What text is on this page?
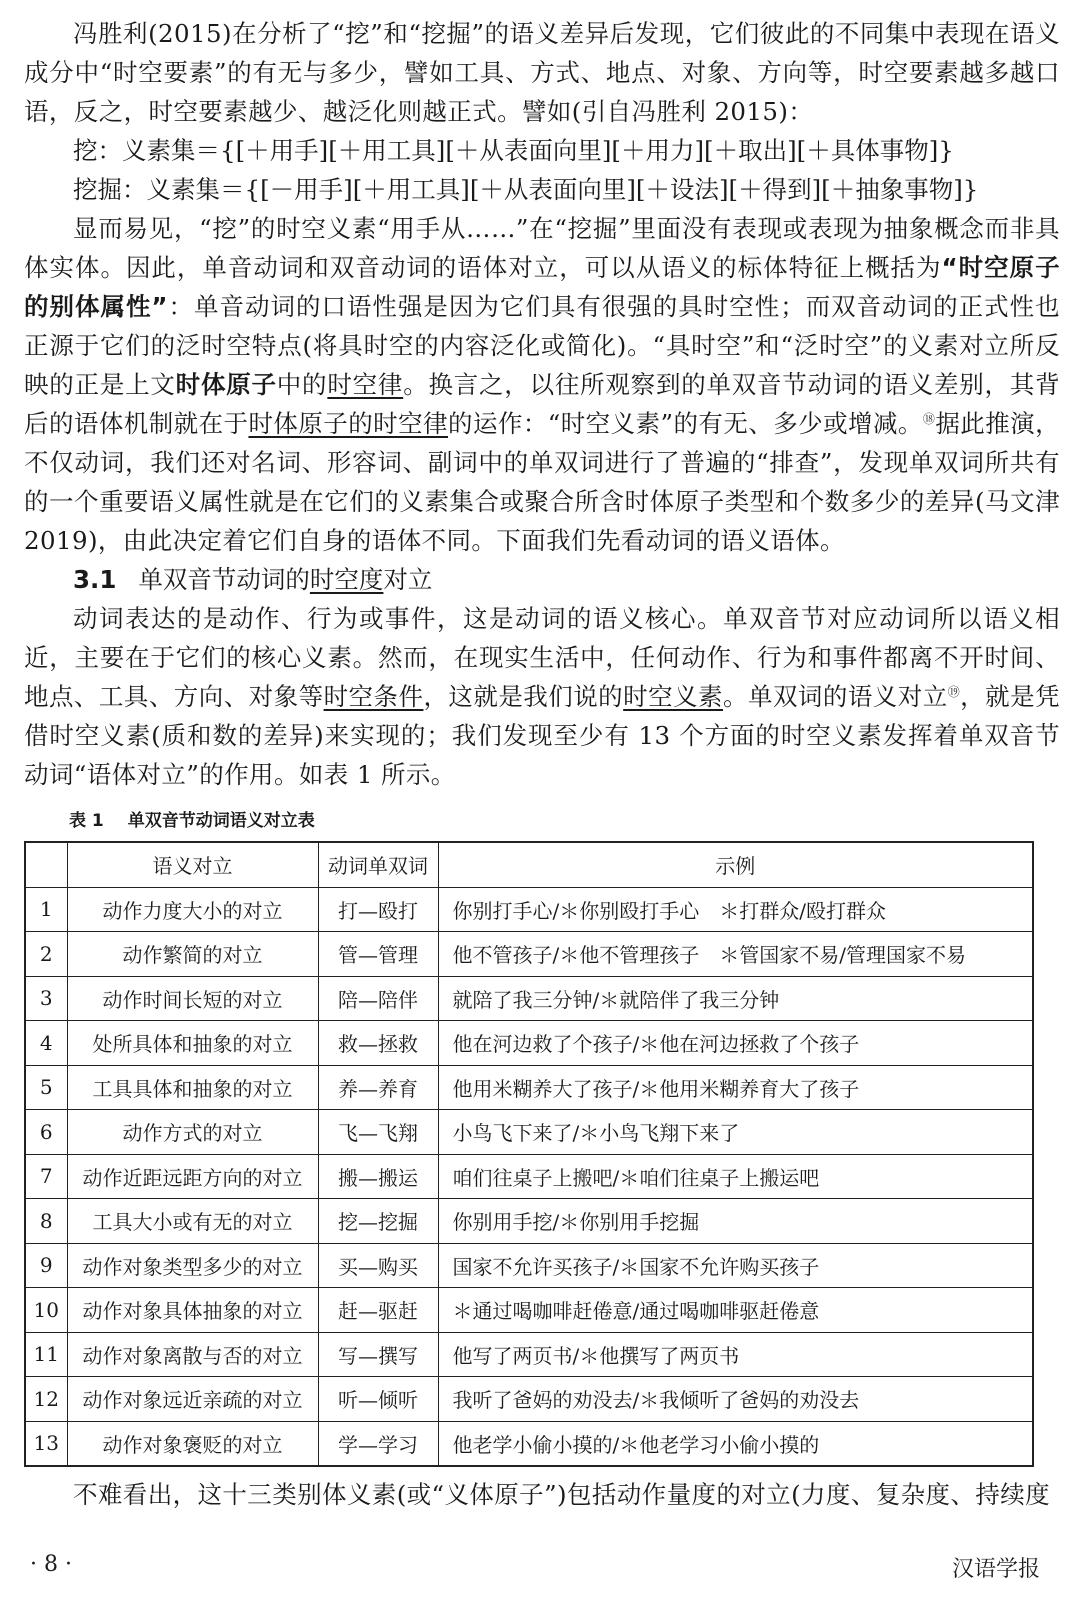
冯胜利(2015)在分析了“挖”和“挖掘”的语义差异后发现，它们彼此的不同集中表现在语义成分中“时空要素”的有无与多少，譬如工具、方式、地点、对象、方向等，时空要素越多越口语，反之，时空要素越少、越泛化则越正式。譬如(引自冯胜利 2015)：

挖：义素集＝{[＋用手][＋用工具][＋从表面向里][＋用力][＋取出][＋具体事物]}

挖掘：义素集＝{[－用手][＋用工具][＋从表面向里][＋设法][＋得到][＋抽象事物]}

显而易见，“挖”的时空义素“用手从……”在“挖掘”里面没有表现或表现为抽象概念而非具体实体。因此，单音动词和双音动词的语体对立，可以从语义的标体特征上概括为“时空原子的别体属性”：单音动词的口语性强是因为它们具有很强的具时空性；而双音动词的正式性也正源于它们的泛时空特点(将具时空的内容泛化或简化)。“具时空”和“泛时空”的义素对立所反映的正是上文时体原子中的时空律。换言之，以往所观察到的单双音节动词的语义差别，其背后的语体机制就在于时体原子的时空律的运作：“时空义素”的有无、多少或增减。⑱据此推演，不仅动词，我们还对名词、形容词、副词中的单双词进行了普遍的“排查”，发现单双词所共有的一个重要语义属性就是在它们的义素集合或聚合所含时体原子类型和个数多少的差异(马文津 2019)，由此决定着它们自身的语体不同。下面我们先看动词的语义语体。

3.1 单双音节动词的时空度对立

动词表达的是动作、行为或事件，这是动词的语义核心。单双音节对应动词所以语义相近，主要在于它们的核心义素。然而，在现实生活中，任何动作、行为和事件都离不开时间、地点、工具、方向、对象等时空条件，这就是我们说的时空义素。单双词的语义对立⑲，就是凭借时空义素(质和数的差异)来实现的；我们发现至少有 13 个方面的时空义素发挥着单双音节动词“语体对立”的作用。如表 1 所示。

表 1 单双音节动词语义对立表
	语义对立	动词单双词	示例
1	动作力度大小的对立	打—殴打	你别打手心/＊你别殴打手心　＊打群众/殴打群众
2	动作繁简的对立	管—管理	他不管孩子/＊他不管理孩子　＊管国家不易/管理国家不易
3	动作时间长短的对立	陪—陪伴	就陪了我三分钟/＊就陪伴了我三分钟
4	处所具体和抽象的对立	救—拯救	他在河边救了个孩子/＊他在河边拯救了个孩子
5	工具具体和抽象的对立	养—养育	他用米糊养大了孩子/＊他用米糊养育大了孩子
6	动作方式的对立	飞—飞翔	小鸟飞下来了/＊小鸟飞翔下来了
7	动作近距远距方向的对立	搬—搬运	咱们往桌子上搬吧/＊咱们往桌子上搬运吧
8	工具大小或有无的对立	挖—挖掘	你别用手挖/＊你别用手挖掘
9	动作对象类型多少的对立	买—购买	国家不允许买孩子/＊国家不允许购买孩子
10	动作对象具体抽象的对立	赶—驱赶	＊通过喝咖啡赶倦意/通过喝咖啡驱赶倦意
11	动作对象离散与否的对立	写—撰写	他写了两页书/＊他撰写了两页书
12	动作对象远近亲疏的对立	听—倾听	我听了爸妈的劝没去/＊我倾听了爸妈的劝没去
13	动作对象褒贬的对立	学—学习	他老学小偷小摸的/＊他老学习小偷小摸的

不难看出，这十三类别体义素(或“义体原子”)包括动作量度的对立(力度、复杂度、持续度

· 8 ·	汉语学报
